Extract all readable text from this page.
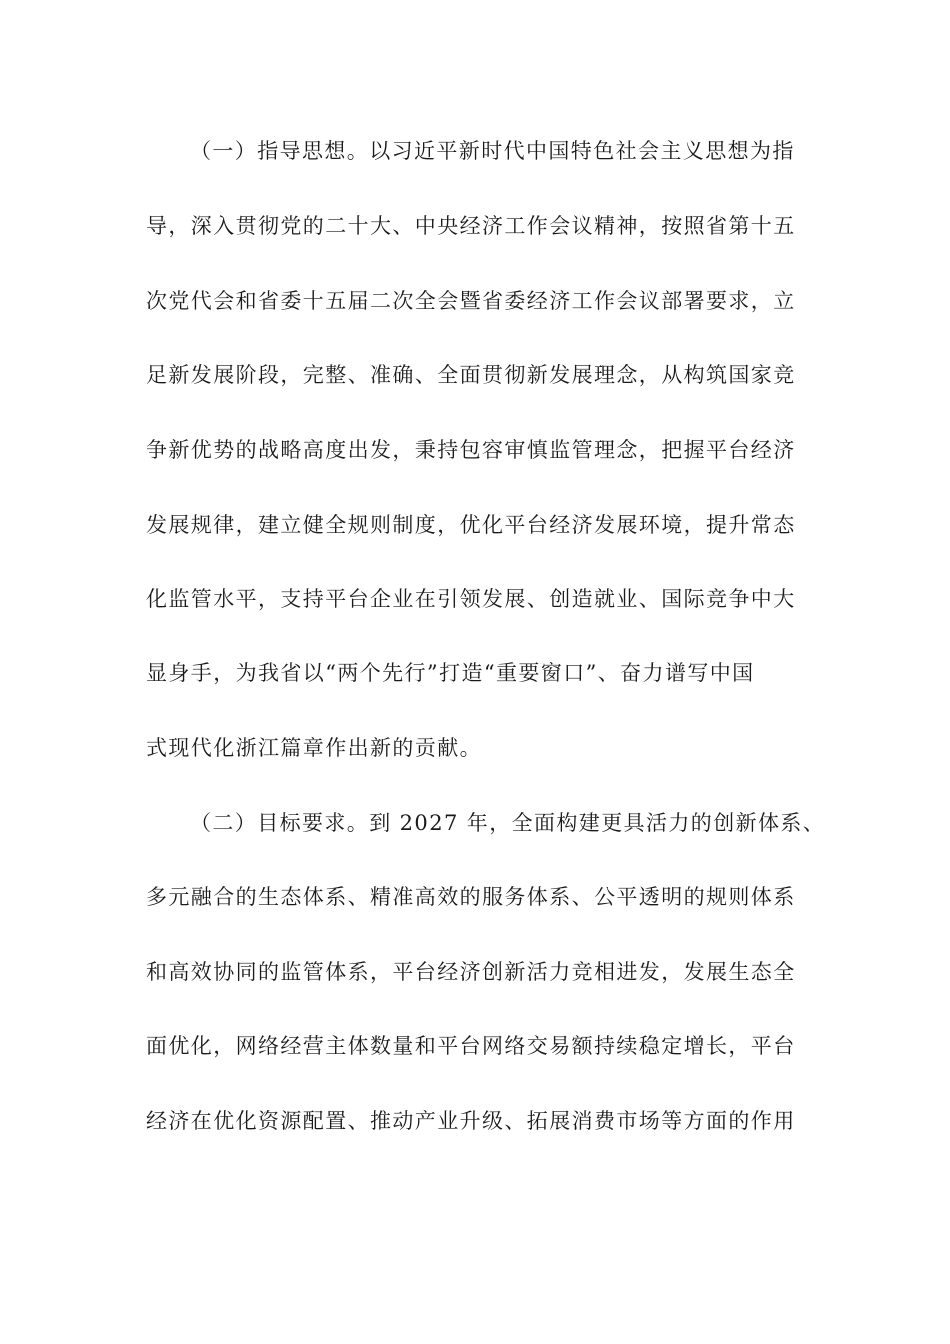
（一）指导思想。以习近平新时代中国特色社会主义思想为指
导，深入贯彻党的二十大、中央经济工作会议精神，按照省第十五
次党代会和省委十五届二次全会暨省委经济工作会议部署要求，立
足新发展阶段，完整、准确、全面贯彻新发展理念，从构筑国家竞
争新优势的战略高度出发，秉持包容审慎监管理念，把握平台经济
发展规律，建立健全规则制度，优化平台经济发展环境，提升常态
化监管水平，支持平台企业在引领发展、创造就业、国际竞争中大
显身手，为我省以“两个先行”打造“重要窗口”、奋力谱写中国
式现代化浙江篇章作出新的贡献。
（二）目标要求。到 2027 年，全面构建更具活力的创新体系、
多元融合的生态体系、精准高效的服务体系、公平透明的规则体系
和高效协同的监管体系，平台经济创新活力竞相进发，发展生态全
面优化，网络经营主体数量和平台网络交易额持续稳定增长，平台
经济在优化资源配置、推动产业升级、拓展消费市场等方面的作用
